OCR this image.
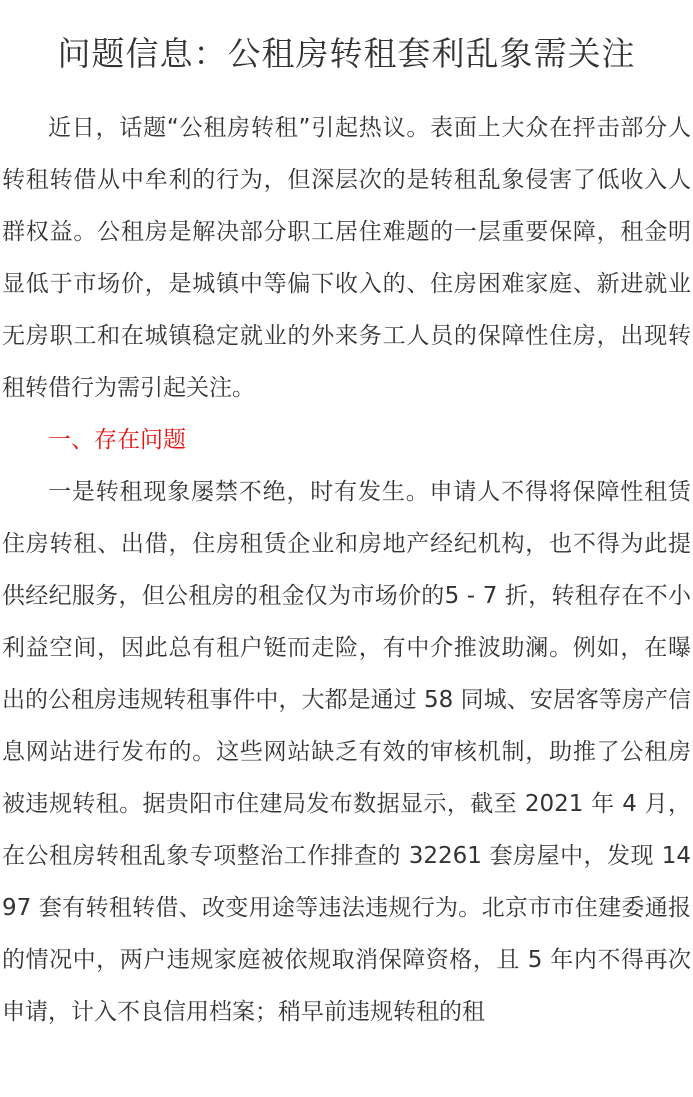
问题信息：公租房转租套利乱象需关注

近日，话题“公租房转租”引起热议。表面上大众在抨击部分人转租转借从中牟利的行为，但深层次的是转租乱象侵害了低收入人群权益。公租房是解决部分职工居住难题的一层重要保障，租金明显低于市场价，是城镇中等偏下收入的、住房困难家庭、新进就业无房职工和在城镇稳定就业的外来务工人员的保障性住房，出现转租转借行为需引起关注。

一、存在问题

一是转租现象屡禁不绝，时有发生。申请人不得将保障性租赁住房转租、出借，住房租赁企业和房地产经纪机构，也不得为此提供经纪服务，但公租房的租金仅为市场价的5 - 7 折，转租存在不小利益空间，因此总有租户铤而走险，有中介推波助澜。例如，在曝出的公租房违规转租事件中，大都是通过 58 同城、安居客等房产信息网站进行发布的。这些网站缺乏有效的审核机制，助推了公租房被违规转租。据贵阳市住建局发布数据显示，截至 2021 年 4 月，在公租房转租乱象专项整治工作排查的 32261 套房屋中，发现 1497 套有转租转借、改变用途等违法违规行为。北京市市住建委通报的情况中，两户违规家庭被依规取消保障资格，且 5 年内不得再次申请，计入不良信用档案；稍早前违规转租的租
